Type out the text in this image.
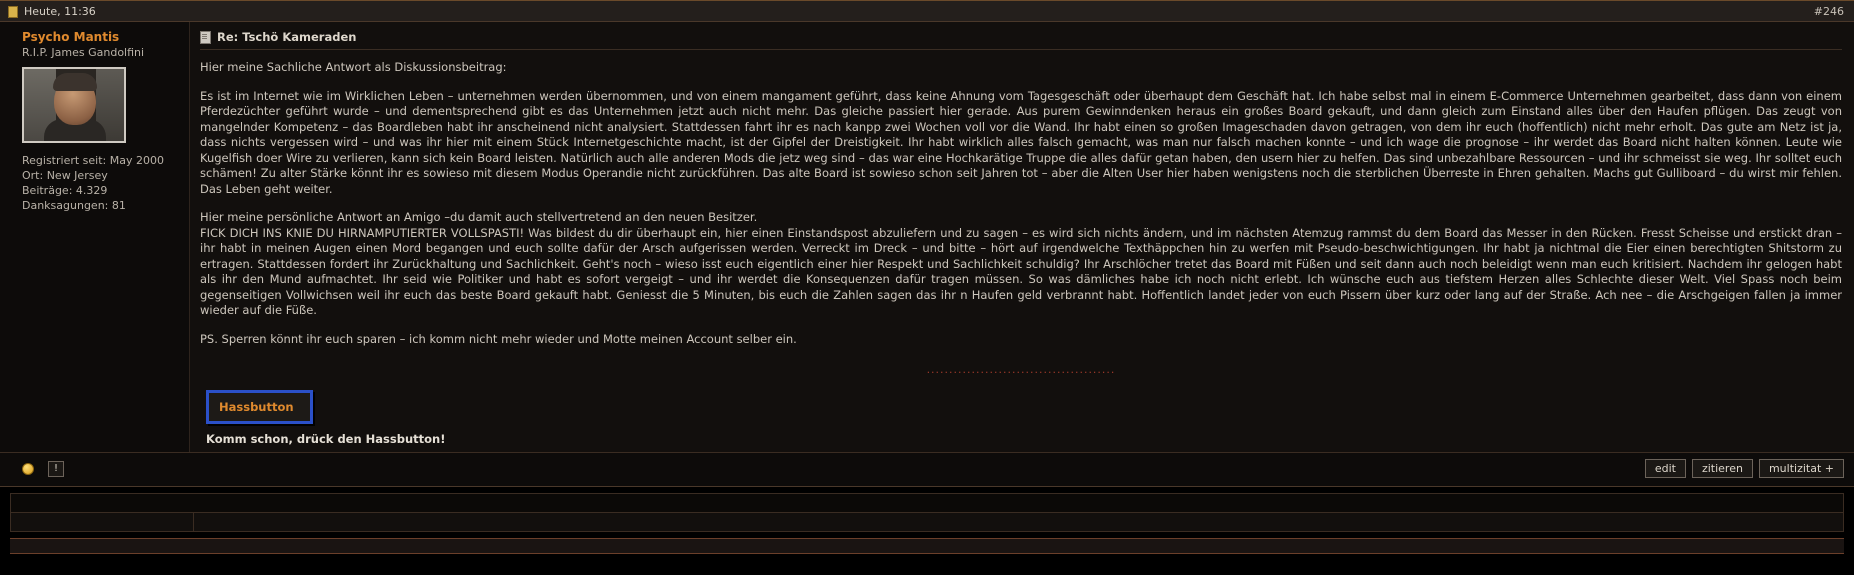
Heute, 11:36	#246
Psycho Mantis
R.I.P. James Gandolfini
Registriert seit: May 2000
Ort: New Jersey
Beiträge: 4.329
Danksagungen: 81
Re: Tschö Kameraden

Hier meine Sachliche Antwort als Diskussionsbeitrag:

Es ist im Internet wie im Wirklichen Leben – unternehmen werden übernommen, und von einem mangament geführt, dass keine Ahnung vom Tagesgeschäft oder überhaupt dem Geschäft hat. Ich habe selbst mal in einem E-Commerce Unternehmen gearbeitet, dass dann von einem Pferdezüchter geführt wurde – und dementsprechend gibt es das Unternehmen jetzt auch nicht mehr. Das gleiche passiert hier gerade. Aus purem Gewinndenken heraus ein großes Board gekauft, und dann gleich zum Einstand alles über den Haufen pflügen. Das zeugt von mangelnder Kompetenz – das Boardleben habt ihr anscheinend nicht analysiert. Stattdessen fahrt ihr es nach kanpp zwei Wochen voll vor die Wand. Ihr habt einen so großen Imageschaden davon getragen, von dem ihr euch (hoffentlich) nicht mehr erholt. Das gute am Netz ist ja, dass nichts vergessen wird – und was ihr hier mit einem Stück Internetgeschichte macht, ist der Gipfel der Dreistigkeit. Ihr habt wirklich alles falsch gemacht, was man nur falsch machen konnte – und ich wage die prognose – ihr werdet das Board nicht halten können. Leute wie Kugelfish doer Wire zu verlieren, kann sich kein Board leisten. Natürlich auch alle anderen Mods die jetz weg sind – das war eine Hochkarätige Truppe die alles dafür getan haben, den usern hier zu helfen. Das sind unbezahlbare Ressourcen – und ihr schmeisst sie weg. Ihr solltet euch schämen! Zu alter Stärke könnt ihr es sowieso mit diesem Modus Operandie nicht zurückführen. Das alte Board ist sowieso schon seit Jahren tot – aber die Alten User hier haben wenigstens noch die sterblichen Überreste in Ehren gehalten. Machs gut Gulliboard – du wirst mir fehlen. Das Leben geht weiter.

Hier meine persönliche Antwort an Amigo –du damit auch stellvertretend an den neuen Besitzer.

FICK DICH INS KNIE DU HIRNAMPUTIERTER VOLLSPASTI! Was bildest du dir überhaupt ein, hier einen Einstandspost abzuliefern und zu sagen – es wird sich nichts ändern, und im nächsten Atemzug rammst du dem Board das Messer in den Rücken. Fresst Scheisse und erstickt dran – ihr habt in meinen Augen einen Mord begangen und euch sollte dafür der Arsch aufgerissen werden. Verreckt im Dreck – und bitte – hört auf irgendwelche Texthäppchen hin zu werfen mit Pseudo-beschwichtigungen. Ihr habt ja nichtmal die Eier einen berechtigten Shitstorm zu ertragen. Stattdessen fordert ihr Zurückhaltung und Sachlichkeit. Geht's noch – wieso isst euch eigentlich einer hier Respekt und Sachlichkeit schuldig? Ihr Arschlöcher tretet das Board mit Füßen und seit dann auch noch beleidigt wenn man euch kritisiert. Nachdem ihr gelogen habt als ihr den Mund aufmachtet. Ihr seid wie Politiker und habt es sofort vergeigt – und ihr werdet die Konsequenzen dafür tragen müssen. So was dämliches habe ich noch nicht erlebt. Ich wünsche euch aus tiefstem Herzen alles Schlechte dieser Welt. Viel Spass noch beim gegenseitigen Vollwichsen weil ihr euch das beste Board gekauft habt. Geniesst die 5 Minuten, bis euch die Zahlen sagen das ihr n Haufen geld verbrannt habt. Hoffentlich landet jeder von euch Pissern über kurz oder lang auf der Straße. Ach nee – die Arschgeigen fallen ja immer wieder auf die Füße.

PS. Sperren könnt ihr euch sparen – ich komm nicht mehr wieder und Motte meinen Account selber ein.

..........................................
Hassbutton
Komm schon, drück den Hassbutton!
!	edit	zitieren	multizitat +
